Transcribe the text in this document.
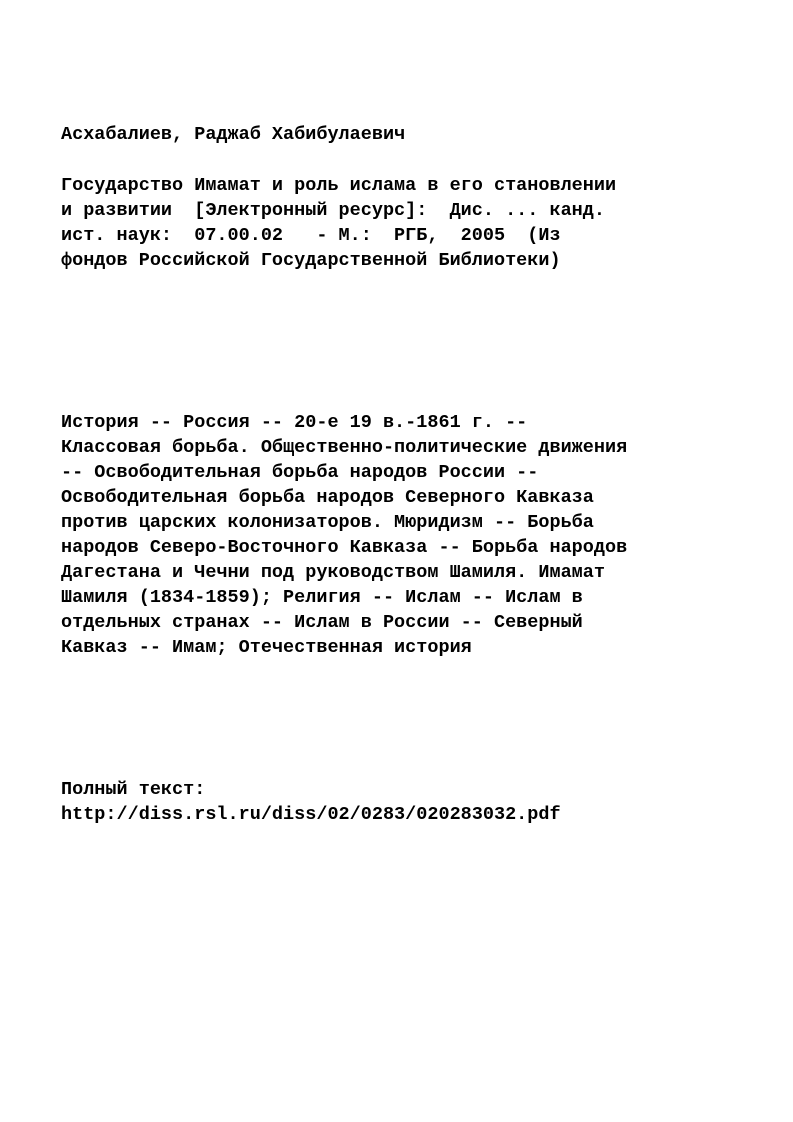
Асхабалиев, Раджаб Хабибулаевич

Государство Имамат и роль ислама в его становлении

и развитии  [Электронный ресурс]:  Дис. ... канд.

ист. наук:  07.00.02   - М.:  РГБ,  2005  (Из

фондов Российской Государственной Библиотеки)

История -- Россия -- 20-е 19 в.-1861 г. --

Классовая борьба. Общественно-политические движения

-- Освободительная борьба народов России --

Освободительная борьба народов Северного Кавказа

против царских колонизаторов. Мюридизм -- Борьба

народов Северо-Восточного Кавказа -- Борьба народов

Дагестана и Чечни под руководством Шамиля. Имамат

Шамиля (1834-1859); Религия -- Ислам -- Ислам в

отдельных странах -- Ислам в России -- Северный

Кавказ -- Имам; Отечественная история

Полный текст:

http://diss.rsl.ru/diss/02/0283/020283032.pdf
